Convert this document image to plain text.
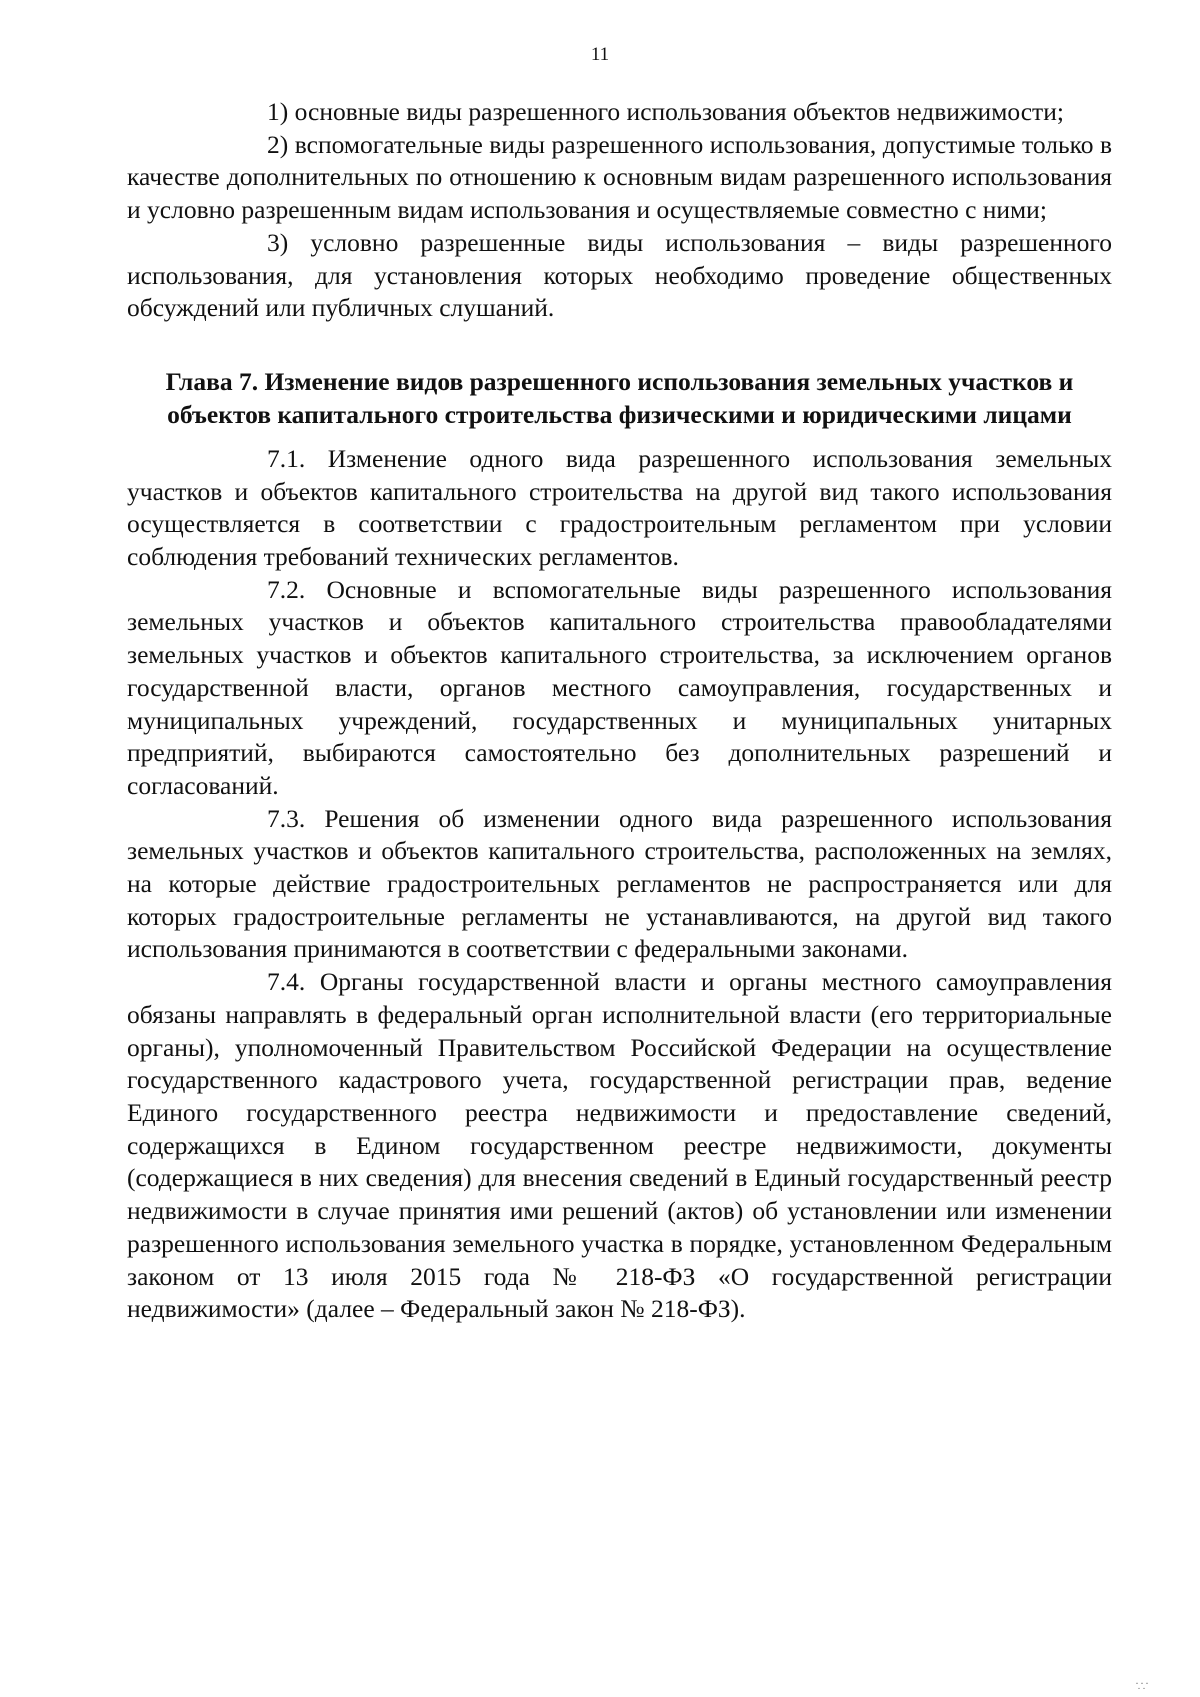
11

1) основные виды разрешенного использования объектов недвижимости;

2) вспомогательные виды разрешенного использования, допустимые только в качестве дополнительных по отношению к основным видам разрешенного использования и условно разрешенным видам использования и осуществляемые совместно с ними;

3) условно разрешенные виды использования – виды разрешенного использования, для установления которых необходимо проведение общественных обсуждений или публичных слушаний.

Глава 7. Изменение видов разрешенного использования земельных участков и объектов капитального строительства физическими и юридическими лицами

7.1. Изменение одного вида разрешенного использования земельных участков и объектов капитального строительства на другой вид такого использования осуществляется в соответствии с градостроительным регламентом при условии соблюдения требований технических регламентов.

7.2. Основные и вспомогательные виды разрешенного использования земельных участков и объектов капитального строительства правообладателями земельных участков и объектов капитального строительства, за исключением органов государственной власти, органов местного самоуправления, государственных и муниципальных учреждений, государственных и муниципальных унитарных предприятий, выбираются самостоятельно без дополнительных разрешений и согласований.

7.3. Решения об изменении одного вида разрешенного использования земельных участков и объектов капитального строительства, расположенных на землях, на которые действие градостроительных регламентов не распространяется или для которых градостроительные регламенты не устанавливаются, на другой вид такого использования принимаются в соответствии с федеральными законами.

7.4. Органы государственной власти и органы местного самоуправления обязаны направлять в федеральный орган исполнительной власти (его территориальные органы), уполномоченный Правительством Российской Федерации на осуществление государственного кадастрового учета, государственной регистрации прав, ведение Единого государственного реестра недвижимости и предоставление сведений, содержащихся в Едином государственном реестре недвижимости, документы (содержащиеся в них сведения) для внесения сведений в Единый государственный реестр недвижимости в случае принятия ими решений (актов) об установлении или изменении разрешенного использования земельного участка в порядке, установленном Федеральным законом от 13 июля 2015 года № 218-ФЗ «О государственной регистрации недвижимости» (далее – Федеральный закон № 218-ФЗ).

·̣·̣·
